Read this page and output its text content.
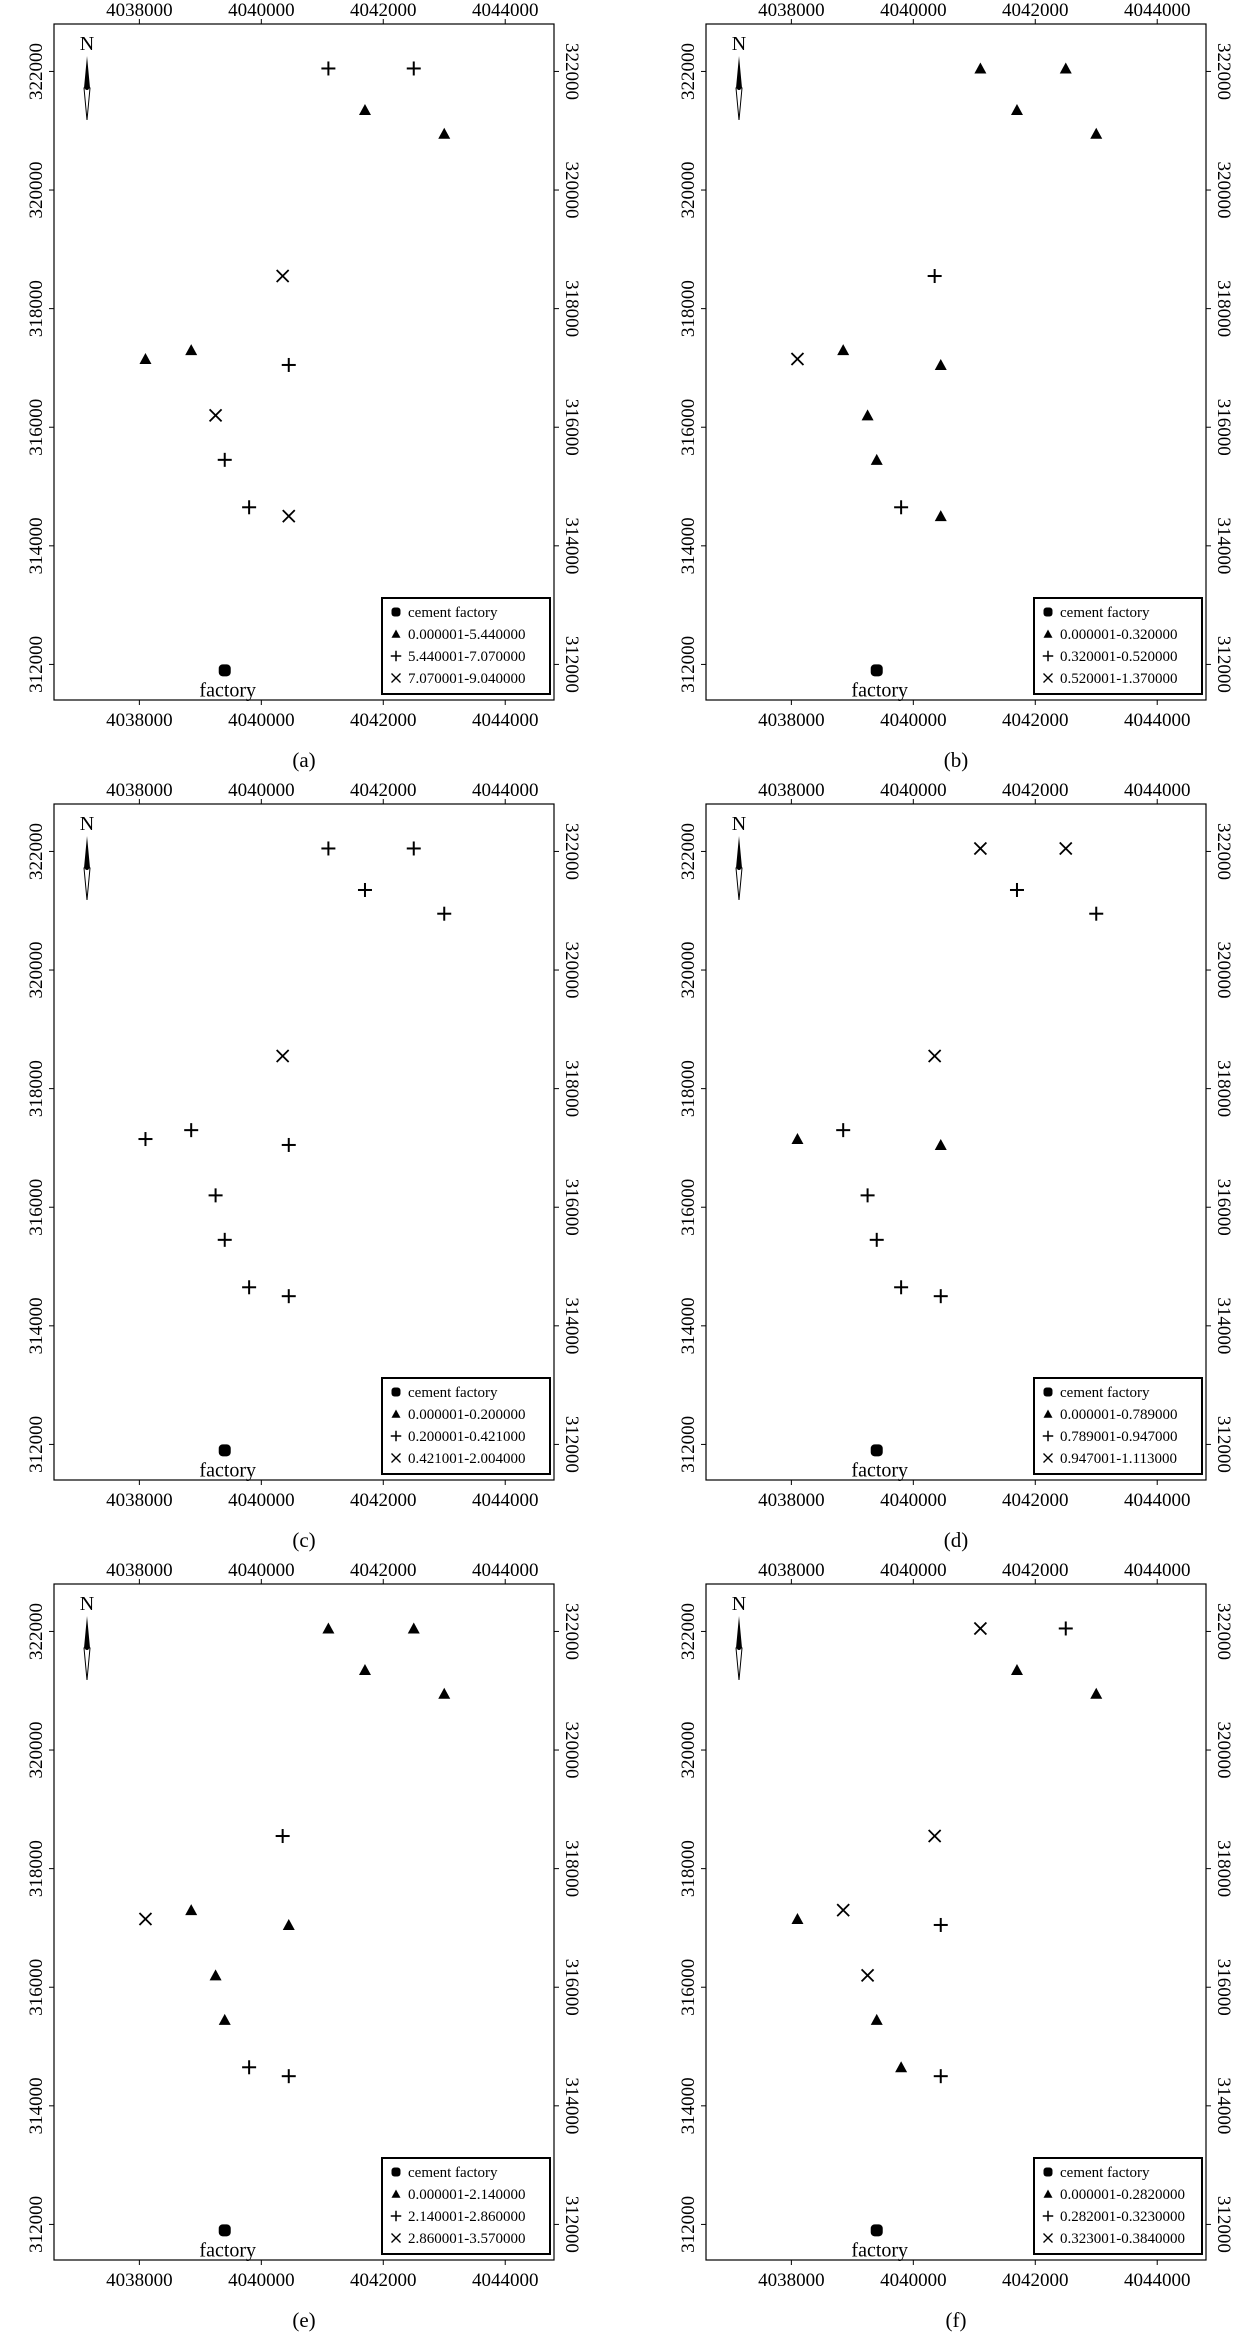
4038000
4038000
4040000
4040000
4042000
4042000
4044000
4044000
312000	312000
314000	314000
316000	316000
318000	318000
320000	320000
322000	322000
N
factory
cement factory
0.000001-5.440000
5.440001-7.070000
7.070001-9.040000
(a)
4038000
4038000
4040000
4040000
4042000
4042000
4044000
4044000
312000	312000
314000	314000
316000	316000
318000	318000
320000	320000
322000	322000
N
factory
cement factory
0.000001-0.320000
0.320001-0.520000
0.520001-1.370000
(b)
4038000
4038000
4040000
4040000
4042000
4042000
4044000
4044000
312000	312000
314000	314000
316000	316000
318000	318000
320000	320000
322000	322000
N
factory
cement factory
0.000001-0.200000
0.200001-0.421000
0.421001-2.004000
(c)
4038000
4038000
4040000
4040000
4042000
4042000
4044000
4044000
312000	312000
314000	314000
316000	316000
318000	318000
320000	320000
322000	322000
N
factory
cement factory
0.000001-0.789000
0.789001-0.947000
0.947001-1.113000
(d)
4038000
4038000
4040000
4040000
4042000
4042000
4044000
4044000
312000	312000
314000	314000
316000	316000
318000	318000
320000	320000
322000	322000
N
factory
cement factory
0.000001-2.140000
2.140001-2.860000
2.860001-3.570000
(e)
4038000
4038000
4040000
4040000
4042000
4042000
4044000
4044000
312000	312000
314000	314000
316000	316000
318000	318000
320000	320000
322000	322000
N
factory
cement factory
0.000001-0.2820000
0.282001-0.3230000
0.323001-0.3840000
(f)
